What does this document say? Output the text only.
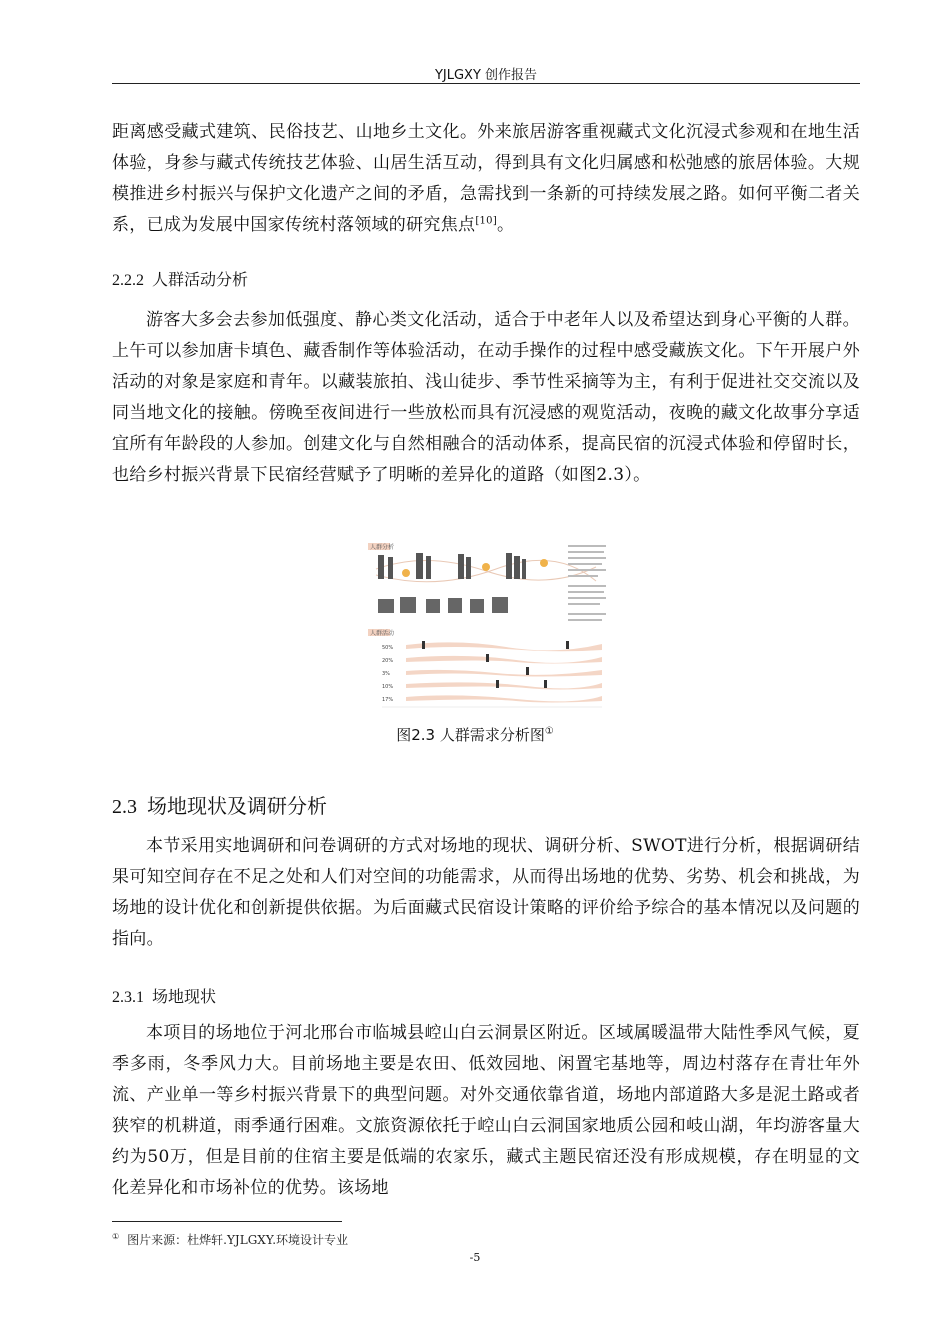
YJLGXY 创作报告

距离感受藏式建筑、民俗技艺、山地乡土文化。外来旅居游客重视藏式文化沉浸式参观和在地生活体验，身参与藏式传统技艺体验、山居生活互动，得到具有文化归属感和松弛感的旅居体验。大规模推进乡村振兴与保护文化遗产之间的矛盾，急需找到一条新的可持续发展之路。如何平衡二者关系，已成为发展中国家传统村落领域的研究焦点[10]。

2.2.2 人群活动分析

游客大多会去参加低强度、静心类文化活动，适合于中老年人以及希望达到身心平衡的人群。上午可以参加唐卡填色、藏香制作等体验活动，在动手操作的过程中感受藏族文化。下午开展户外活动的对象是家庭和青年。以藏装旅拍、浅山徒步、季节性采摘等为主，有利于促进社交交流以及同当地文化的接触。傍晚至夜间进行一些放松而具有沉浸感的观览活动，夜晚的藏文化故事分享适宜所有年龄段的人参加。创建文化与自然相融合的活动体系，提高民宿的沉浸式体验和停留时长，也给乡村振兴背景下民宿经营赋予了明晰的差异化的道路（如图2.3）。

人群分析
人群活动
50%
20%
3%
10%
17%
图2.3 人群需求分析图①
2.3 场地现状及调研分析

本节采用实地调研和问卷调研的方式对场地的现状、调研分析、SWOT进行分析，根据调研结果可知空间存在不足之处和人们对空间的功能需求，从而得出场地的优势、劣势、机会和挑战，为场地的设计优化和创新提供依据。为后面藏式民宿设计策略的评价给予综合的基本情况以及问题的指向。

2.3.1 场地现状

本项目的场地位于河北邢台市临城县崆山白云洞景区附近。区域属暖温带大陆性季风气候，夏季多雨，冬季风力大。目前场地主要是农田、低效园地、闲置宅基地等，周边村落存在青壮年外流、产业单一等乡村振兴背景下的典型问题。对外交通依靠省道，场地内部道路大多是泥土路或者狭窄的机耕道，雨季通行困难。文旅资源依托于崆山白云洞国家地质公园和岐山湖，年均游客量大约为50万，但是目前的住宿主要是低端的农家乐，藏式主题民宿还没有形成规模，存在明显的文化差异化和市场补位的优势。该场地

① 图片来源：杜烨轩.YJLGXY.环境设计专业
-5
